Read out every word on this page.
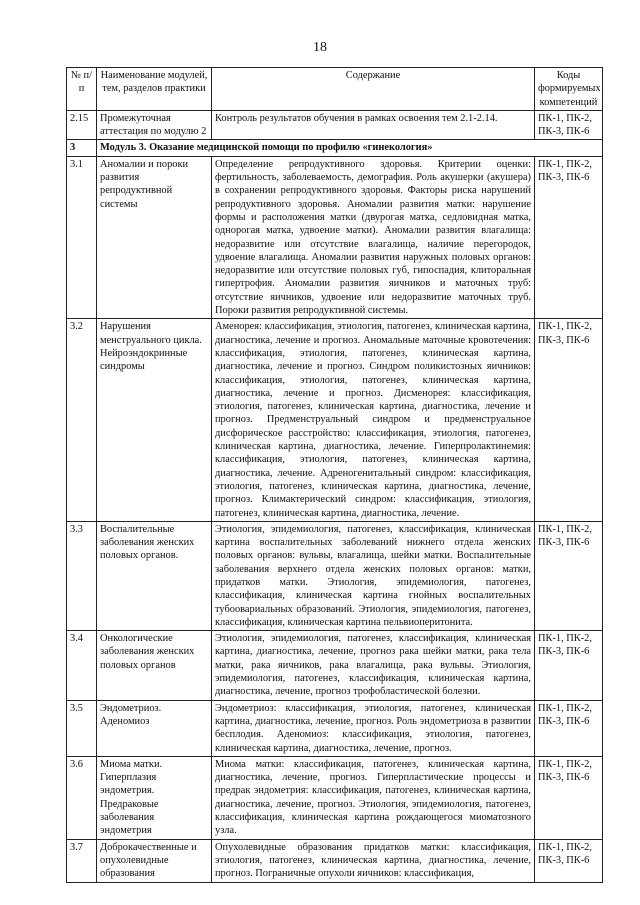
18
№ п/п	Наименование модулей, тем, разделов практики	Содержание	Коды формируемых компетенций
2.15	Промежуточная аттестация по модулю 2	Контроль результатов обучения в рамках освоения тем 2.1-2.14.	ПК-1, ПК-2, ПК-3, ПК-6
3	Модуль 3. Оказание медицинской помощи по профилю «гинекология»		
3.1	Аномалии и пороки развития репродуктивной системы	Определение репродуктивного здоровья. Критерии оценки: фертильность, заболеваемость, демография. Роль акушерки (акушера) в сохранении репродуктивного здоровья. Факторы риска нарушений репродуктивного здоровья. Аномалии развития матки: нарушение формы и расположения матки (двурогая матка, седловидная матка, однорогая матка, удвоение матки). Аномалии развития влагалища: недоразвитие или отсутствие влагалища, наличие перегородок, удвоение влагалища. Аномалии развития наружных половых органов: недоразвитие или отсутствие половых губ, гипоспадия, клиторальная гипертрофия. Аномалии развития яичников и маточных труб: отсутствие яичников, удвоение или недоразвитие маточных труб. Пороки развития репродуктивной системы.	ПК-1, ПК-2, ПК-3, ПК-6
3.2	Нарушения менструального цикла. Нейроэндокринные синдромы	Аменорея: классификация, этиология, патогенез, клиническая картина, диагностика, лечение и прогноз. Аномальные маточные кровотечения: классификация, этиология, патогенез, клиническая картина, диагностика, лечение и прогноз. Синдром поликистозных яичников: классификация, этиология, патогенез, клиническая картина, диагностика, лечение и прогноз. Дисменорея: классификация, этиология, патогенез, клиническая картина, диагностика, лечение и прогноз. Предменструальный синдром и предменструальное дисфорическое расстройство: классификация, этиология, патогенез, клиническая картина, диагностика, лечение. Гиперпролактинемия: классификация, этиология, патогенез, клиническая картина, диагностика, лечение. Адреногенитальный синдром: классификация, этиология, патогенез, клиническая картина, диагностика, лечение, прогноз. Климактерический синдром: классификация, этиология, патогенез, клиническая картина, диагностика, лечение.	ПК-1, ПК-2, ПК-3, ПК-6
3.3	Воспалительные заболевания женских половых органов.	Этиология, эпидемиология, патогенез, классификация, клиническая картина воспалительных заболеваний нижнего отдела женских половых органов: вульвы, влагалища, шейки матки. Воспалительные заболевания верхнего отдела женских половых органов: матки, придатков матки. Этиология, эпидемиология, патогенез, классификация, клиническая картина гнойных воспалительных тубоовариальных образований. Этиология, эпидемиология, патогенез, классификация, клиническая картина пельвиоперитонита.	ПК-1, ПК-2, ПК-3, ПК-6
3.4	Онкологические заболевания женских половых органов	Этиология, эпидемиология, патогенез, классификация, клиническая картина, диагностика, лечение, прогноз рака шейки матки, рака тела матки, рака яичников, рака влагалища, рака вульвы. Этиология, эпидемиология, патогенез, классификация, клиническая картина, диагностика, лечение, прогноз трофобластической болезни.	ПК-1, ПК-2, ПК-3, ПК-6
3.5	Эндометриоз. Аденомиоз	Эндометриоз: классификация, этиология, патогенез, клиническая картина, диагностика, лечение, прогноз. Роль эндометриоза в развитии бесплодия. Аденомиоз: классификация, этиология, патогенез, клиническая картина, диагностика, лечение, прогноз.	ПК-1, ПК-2, ПК-3, ПК-6
3.6	Миома матки. Гиперплазия эндометрия. Предраковые заболевания эндометрия	Миома матки: классификация, патогенез, клиническая картина, диагностика, лечение, прогноз. Гиперпластические процессы и предрак эндометрия: классификация, патогенез, клиническая картина, диагностика, лечение, прогноз. Этиология, эпидемиология, патогенез, классификация, клиническая картина рождающегося миоматозного узла.	ПК-1, ПК-2, ПК-3, ПК-6
3.7	Доброкачественные и опухолевидные образования	Опухолевидные образования придатков матки: классификация, этиология, патогенез, клиническая картина, диагностика, лечение, прогноз. Пограничные опухоли яичников: классификация,	ПК-1, ПК-2, ПК-3, ПК-6
